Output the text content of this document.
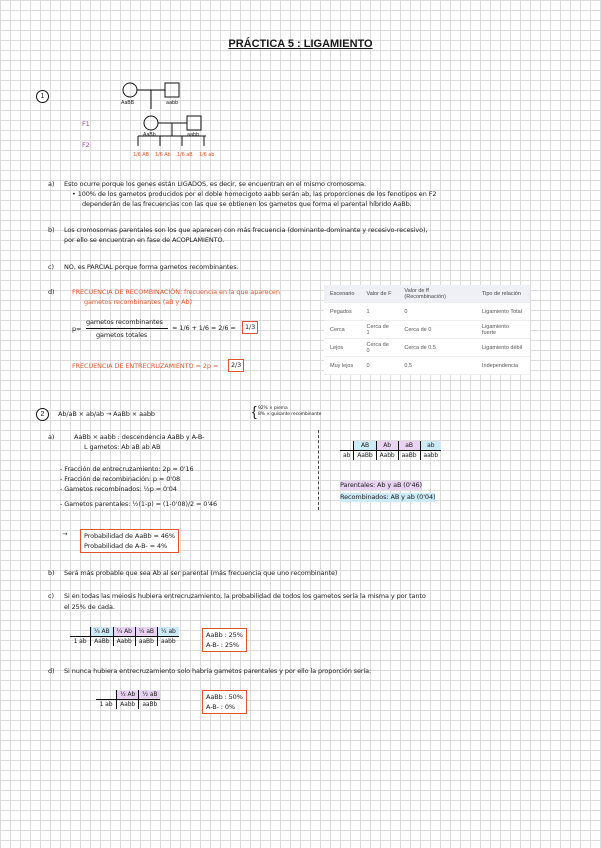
PRÁCTICA 5 : LIGAMIENTO
1
AaBB	aabb
AaBb	aabb
F1
F2
1/6 AB 1/6 Ab 1/6 aB 1/6 ab
a) Esto ocurre porque los genes están LIGADOS, es decir, se encuentran en el mismo cromosoma.
• 100% de los gametos producidos por el doble homocigoto aabb serán ab, las proporciones de los fenotipos en F2
dependerán de las frecuencias con las que se obtienen los gametos que forma el parental híbrido AaBb.
b) Los cromosomas parentales son los que aparecen con más frecuencia (dominante-dominante y recesivo-recesivo),
por ello se encuentran en fase de ACOPLAMIENTO.
c) NO, es PARCIAL porque forma gametos recombinantes.
d)	FRECUENCIA DE RECOMBINACIÓN: frecuencia en la que aparecen
gametos recombinantes (aB y Ab)
p=
gametos recombinantes
gametos totales
= 1/6 + 1/6 = 2/6 =	1/3
FRECUENCIA DE ENTRECRUZAMIENTO = 2p =	2/3
Escenario	Valor de F	Valor de ff (Recombinación)	Tipo de relación
Pegados	1	0	Ligamiento Total
Cerca	Cerca de 1	Cerca de 0	Ligamiento fuerte
Lejos	Cerca de 0	Cerca de 0.5	Ligamiento débil
Muy lejos	0	0.5	Independencia
2	Ab/aB × ab/ab → AaBb × aabb
92% × pierna
8% × guisante recombinante
{
a)	AaBb × aabb : descendencia AaBb y A-B-
L gametos: Ab aB ab AB
- Fracción de entrecruzamiento: 2p = 0'16
- Fracción de recombinación: p = 0'08
- Gametos recombinados: ½p = 0'04
- Gametos parentales: ½(1-p) = (1-0'08)/2 = 0'46
→	Probabilidad de AaBb = 46%
Probabilidad de A-B- = 4%
	AB	Ab	aB	ab
ab	AaBb	Aabb	aaBb	aabb
Parentales: Ab y aB (0'46)
Recombinados: AB y ab (0'04)
b) Será más probable que sea Ab al ser parental (más frecuencia que uno recombinante)
c) Si en todas las meiosis hubiera entrecruzamiento, la probabilidad de todos los gametos sería la misma y por tanto
el 25% de cada.
	¼ AB	¼ Ab	¼ aB	¼ ab
1 ab	AaBb	Aabb	aaBb	aabb
AaBb : 25%
A-B- : 25%
d) Si nunca hubiera entrecruzamiento solo habría gametos parentales y por ello la proporción sería:
	½ Ab	½ aB
1 ab	Aabb	aaBb
AaBb : 50%
A-B- : 0%
